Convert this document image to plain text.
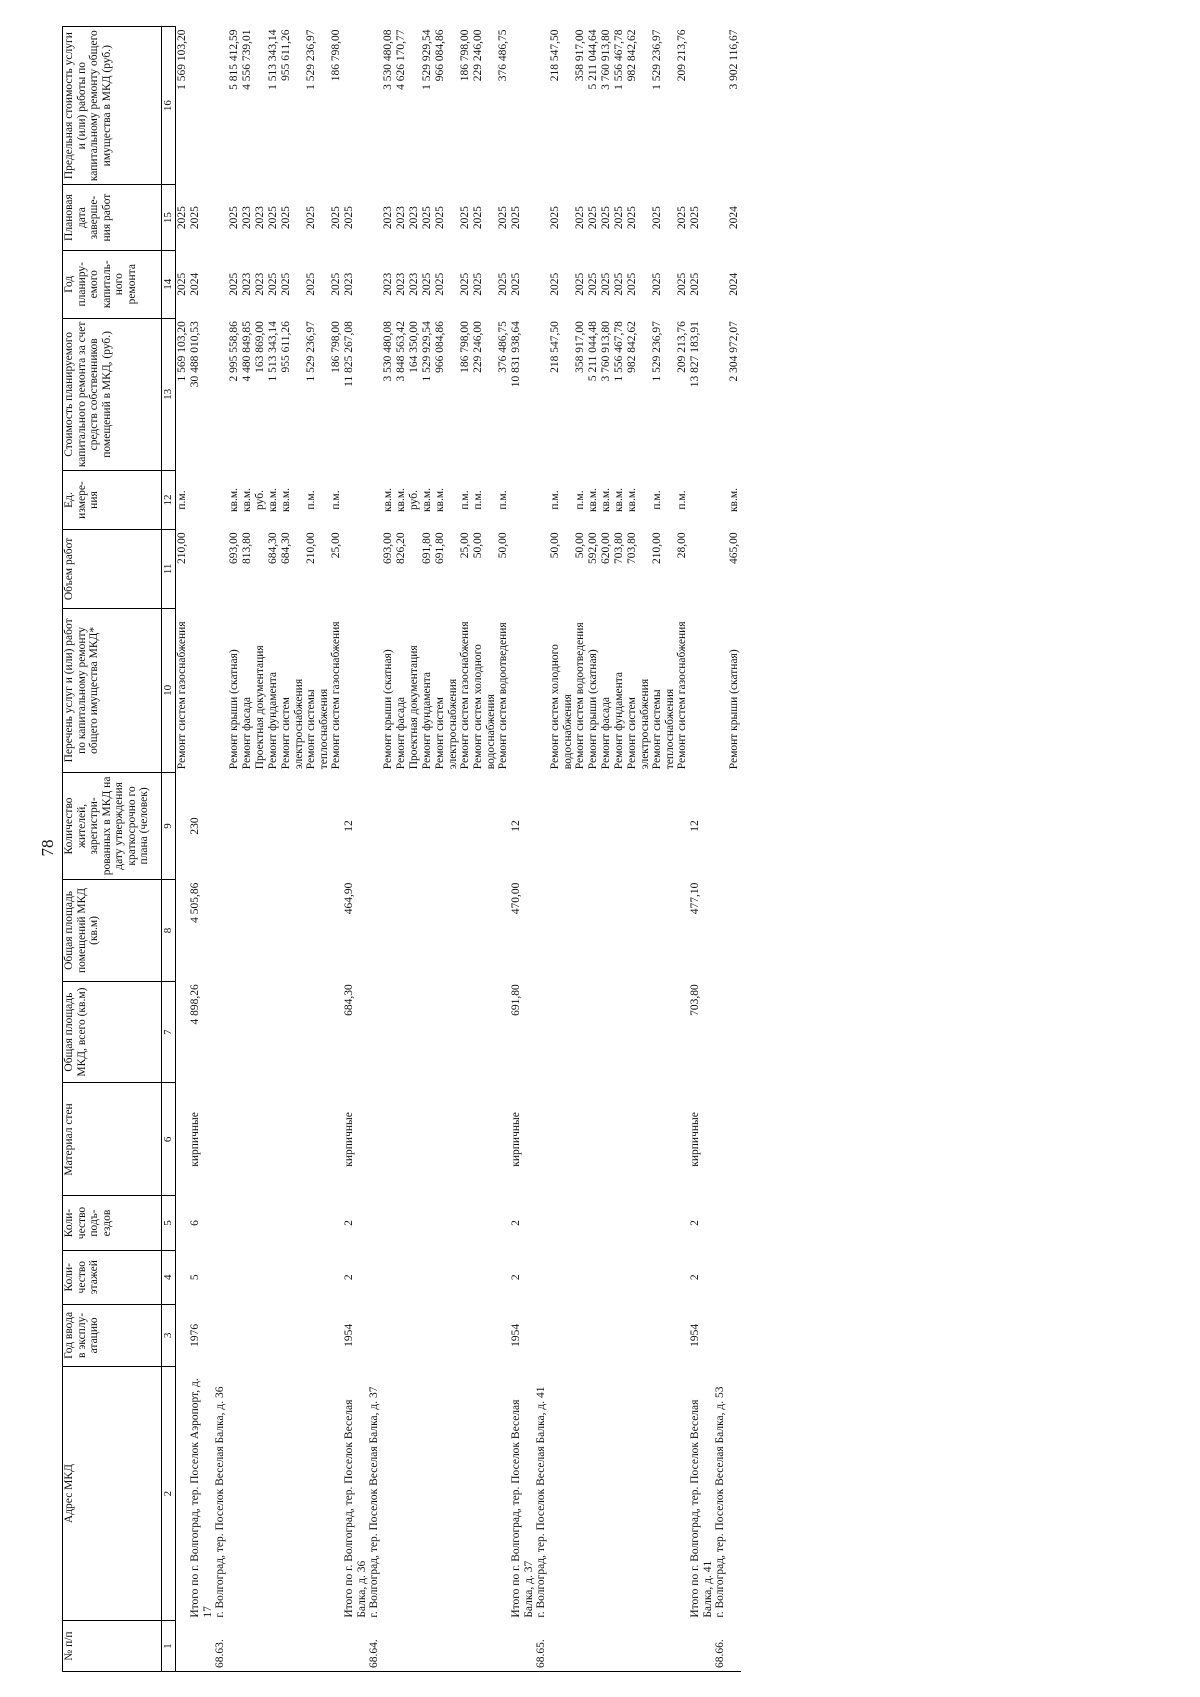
78
№ п/п	Адрес МКД	Год ввода в эксплу-атацию	Коли-чество этажей	Коли-чество подъ-ездов	Материал стен	Общая площадь МКД, всего (кв.м)	Общая площадь помещений МКД (кв.м)	Количество жителей, зарегистри-рованных в МКД на дату утверждения краткосрочно го плана (человек)	Перечень услуг и (или) работ по капитальному ремонту общего имущества МКД*	Объем работ	Ед. измере-ния	Стоимость планируемого капитального ремонта за счет средств собственников помещений в МКД, (руб.)	Год планиру-емого капиталь-ного ремонта	Плановая дата заверше-ния работ	Предельная стоимость услуги и (или) работы по капитальному ремонту общего имущества в МКД (руб.)
1	2	3	4	5	6	7	8	9	10	11	12	13	14	15	16
									Ремонт систем газоснабжения	210,00	п.м.	1 569 103,20	2025	2025	1 569 103,20
	Итого по г. Волгоград, тер. Поселок Аэропорт, д. 17	1976	5	6	кирпичные	4 898,26	4 505,86	230				30 488 010,53	2024	2025	
68.63.	г. Волгоград, тер. Поселок Веселая Балка, д. 36														
									Ремонт крыши (скатная)	693,00	кв.м.	2 995 558,86	2025	2025	5 815 412,59
									Ремонт фасада	813,80	кв.м.	4 480 849,85	2023	2023	4 556 739,01
									Проектная документация		руб.	163 869,00	2023	2023	
									Ремонт фундамента	684,30	кв.м.	1 513 343,14	2025	2025	1 513 343,14
									Ремонт систем электроснабжения	684,30	кв.м.	955 611,26	2025	2025	955 611,26
									Ремонт системы теплоснабжения	210,00	п.м.	1 529 236,97	2025	2025	1 529 236,97
									Ремонт систем газоснабжения	25,00	п.м.	186 798,00	2025	2025	186 798,00
	Итого по г. Волгоград, тер. Поселок Веселая Балка, д. 36	1954	2	2	кирпичные	684,30	464,90	12				11 825 267,08	2023	2025	
68.64.	г. Волгоград, тер. Поселок Веселая Балка, д. 37														
									Ремонт крыши (скатная)	693,00	кв.м.	3 530 480,08	2023	2023	3 530 480,08
									Ремонт фасада	826,20	кв.м.	3 848 563,42	2023	2023	4 626 170,77
									Проектная документация		руб.	164 350,00	2023	2023	
									Ремонт фундамента	691,80	кв.м.	1 529 929,54	2025	2025	1 529 929,54
									Ремонт систем электроснабжения	691,80	кв.м.	966 084,86	2025	2025	966 084,86
									Ремонт систем газоснабжения	25,00	п.м.	186 798,00	2025	2025	186 798,00
									Ремонт систем холодного водоснабжения	50,00	п.м.	229 246,00	2025	2025	229 246,00
									Ремонт систем водоотведения	50,00	п.м.	376 486,75	2025	2025	376 486,75
	Итого по г. Волгоград, тер. Поселок Веселая Балка, д. 37	1954	2	2	кирпичные	691,80	470,00	12				10 831 938,64	2025	2025	
68.65.	г. Волгоград, тер. Поселок Веселая Балка, д. 41														
									Ремонт систем холодного водоснабжения	50,00	п.м.	218 547,50	2025	2025	218 547,50
									Ремонт систем водоотведения	50,00	п.м.	358 917,00	2025	2025	358 917,00
									Ремонт крыши (скатная)	592,00	кв.м.	5 211 044,48	2025	2025	5 211 044,64
									Ремонт фасада	620,00	кв.м.	3 760 913,80	2025	2025	3 760 913,80
									Ремонт фундамента	703,80	кв.м.	1 556 467,78	2025	2025	1 556 467,78
									Ремонт систем электроснабжения	703,80	кв.м.	982 842,62	2025	2025	982 842,62
									Ремонт системы теплоснабжения	210,00	п.м.	1 529 236,97	2025	2025	1 529 236,97
									Ремонт систем газоснабжения	28,00	п.м.	209 213,76	2025	2025	209 213,76
	Итого по г. Волгоград, тер. Поселок Веселая Балка, д. 41	1954	2	2	кирпичные	703,80	477,10	12				13 827 183,91	2025	2025	
68.66.	г. Волгоград, тер. Поселок Веселая Балка, д. 53														
									Ремонт крыши (скатная)	465,00	кв.м.	2 304 972,07	2024	2024	3 902 116,67
